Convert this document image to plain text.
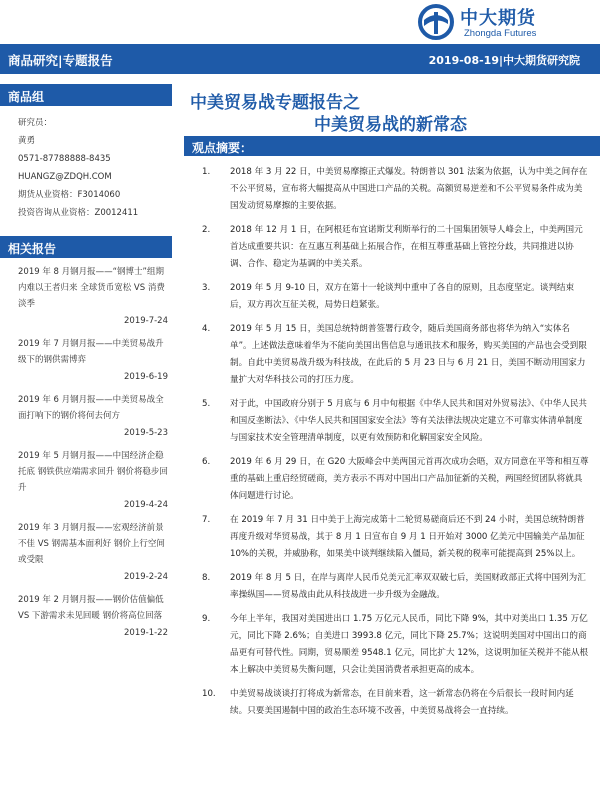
中大期货
Zhongda Futures
商品研究|专题报告	2019-08-19|中大期货研究院
商品组
研究员：
黄勇
0571-87788888-8435
HUANGZ@ZDQH.COM
期货从业资格：F3014060
投资咨询从业资格：Z0012411
相关报告
2019 年 8 月钢月报——“钢博士”组期内难以王者归来 全球货币宽松 VS 消费淡季
2019-7-24
2019 年 7 月钢月报——中美贸易战升级下的钢供需博弈
2019-6-19
2019 年 6 月钢月报——中美贸易战全面打响下的钢价将何去何方
2019-5-23
2019 年 5 月钢月报——中国经济企稳托底 钢铁供应端需求回升 钢价将稳步回升
2019-4-24
2019 年 3 月钢月报——宏观经济前景不佳 VS 钢需基本面利好 钢价上行空间或受限
2019-2-24
2019 年 2 月钢月报——钢价估值偏低 VS 下游需求未见回暖 钢价将高位回落
2019-1-22
中美贸易战专题报告之
中美贸易战的新常态
观点摘要：
1. 2018 年 3 月 22 日，中美贸易摩擦正式爆发。特朗普以 301 法案为依据，认为中美之间存在不公平贸易，宣布将大幅提高从中国进口产品的关税。高额贸易逆差和不公平贸易条件成为美国发动贸易摩擦的主要依据。
2. 2018 年 12 月 1 日，在阿根廷布宜诺斯艾利斯举行的二十国集团领导人峰会上，中美两国元首达成重要共识：在互惠互利基础上拓展合作，在相互尊重基础上管控分歧，共同推进以协调、合作、稳定为基调的中美关系。
3. 2019 年 5 月 9-10 日，双方在第十一轮谈判中重申了各自的原则，且态度坚定。谈判结束后，双方再次互征关税，局势日趋紧张。
4. 2019 年 5 月 15 日，美国总统特朗普签署行政令，随后美国商务部也将华为纳入“实体名单”。上述做法意味着华为不能向美国出售信息与通讯技术和服务，购买美国的产品也会受到限制。自此中美贸易战升级为科技战，在此后的 5 月 23 日与 6 月 21 日，美国不断动用国家力量扩大对华科技公司的打压力度。
5. 对于此，中国政府分别于 5 月底与 6 月中旬根据《中华人民共和国对外贸易法》、《中华人民共和国反垄断法》、《中华人民共和国国家安全法》等有关法律法规决定建立不可靠实体清单制度与国家技术安全管理清单制度，以更有效预防和化解国家安全风险。
6. 2019 年 6 月 29 日，在 G20 大阪峰会中美两国元首再次成功会晤，双方同意在平等和相互尊重的基础上重启经贸磋商，美方表示不再对中国出口产品加征新的关税，两国经贸团队将就具体问题进行讨论。
7. 在 2019 年 7 月 31 日中美于上海完成第十二轮贸易磋商后还不到 24 小时，美国总统特朗普再度升级对华贸易战，其于 8 月 1 日宣布自 9 月 1 日开始对 3000 亿美元中国输美产品加征 10%的关税，并威胁称，如果美中谈判继续陷入僵局，新关税的税率可能提高到 25%以上。
8. 2019 年 8 月 5 日，在岸与离岸人民币兑美元汇率双双破七后，美国财政部正式将中国列为汇率操纵国——贸易战由此从科技战进一步升级为金融战。
9. 今年上半年，我国对美国进出口 1.75 万亿元人民币，同比下降 9%，其中对美出口 1.35 万亿元，同比下降 2.6%；自美进口 3993.8 亿元，同比下降 25.7%；这说明美国对中国出口的商品更有可替代性。同期，贸易顺差 9548.1 亿元，同比扩大 12%，这说明加征关税并不能从根本上解决中美贸易失衡问题，只会让美国消费者承担更高的成本。
10. 中美贸易战谈谈打打将成为新常态，在目前来看，这一新常态仍将在今后很长一段时间内延续。只要美国遏制中国的政治生态环境不改善，中美贸易战将会一直持续。
